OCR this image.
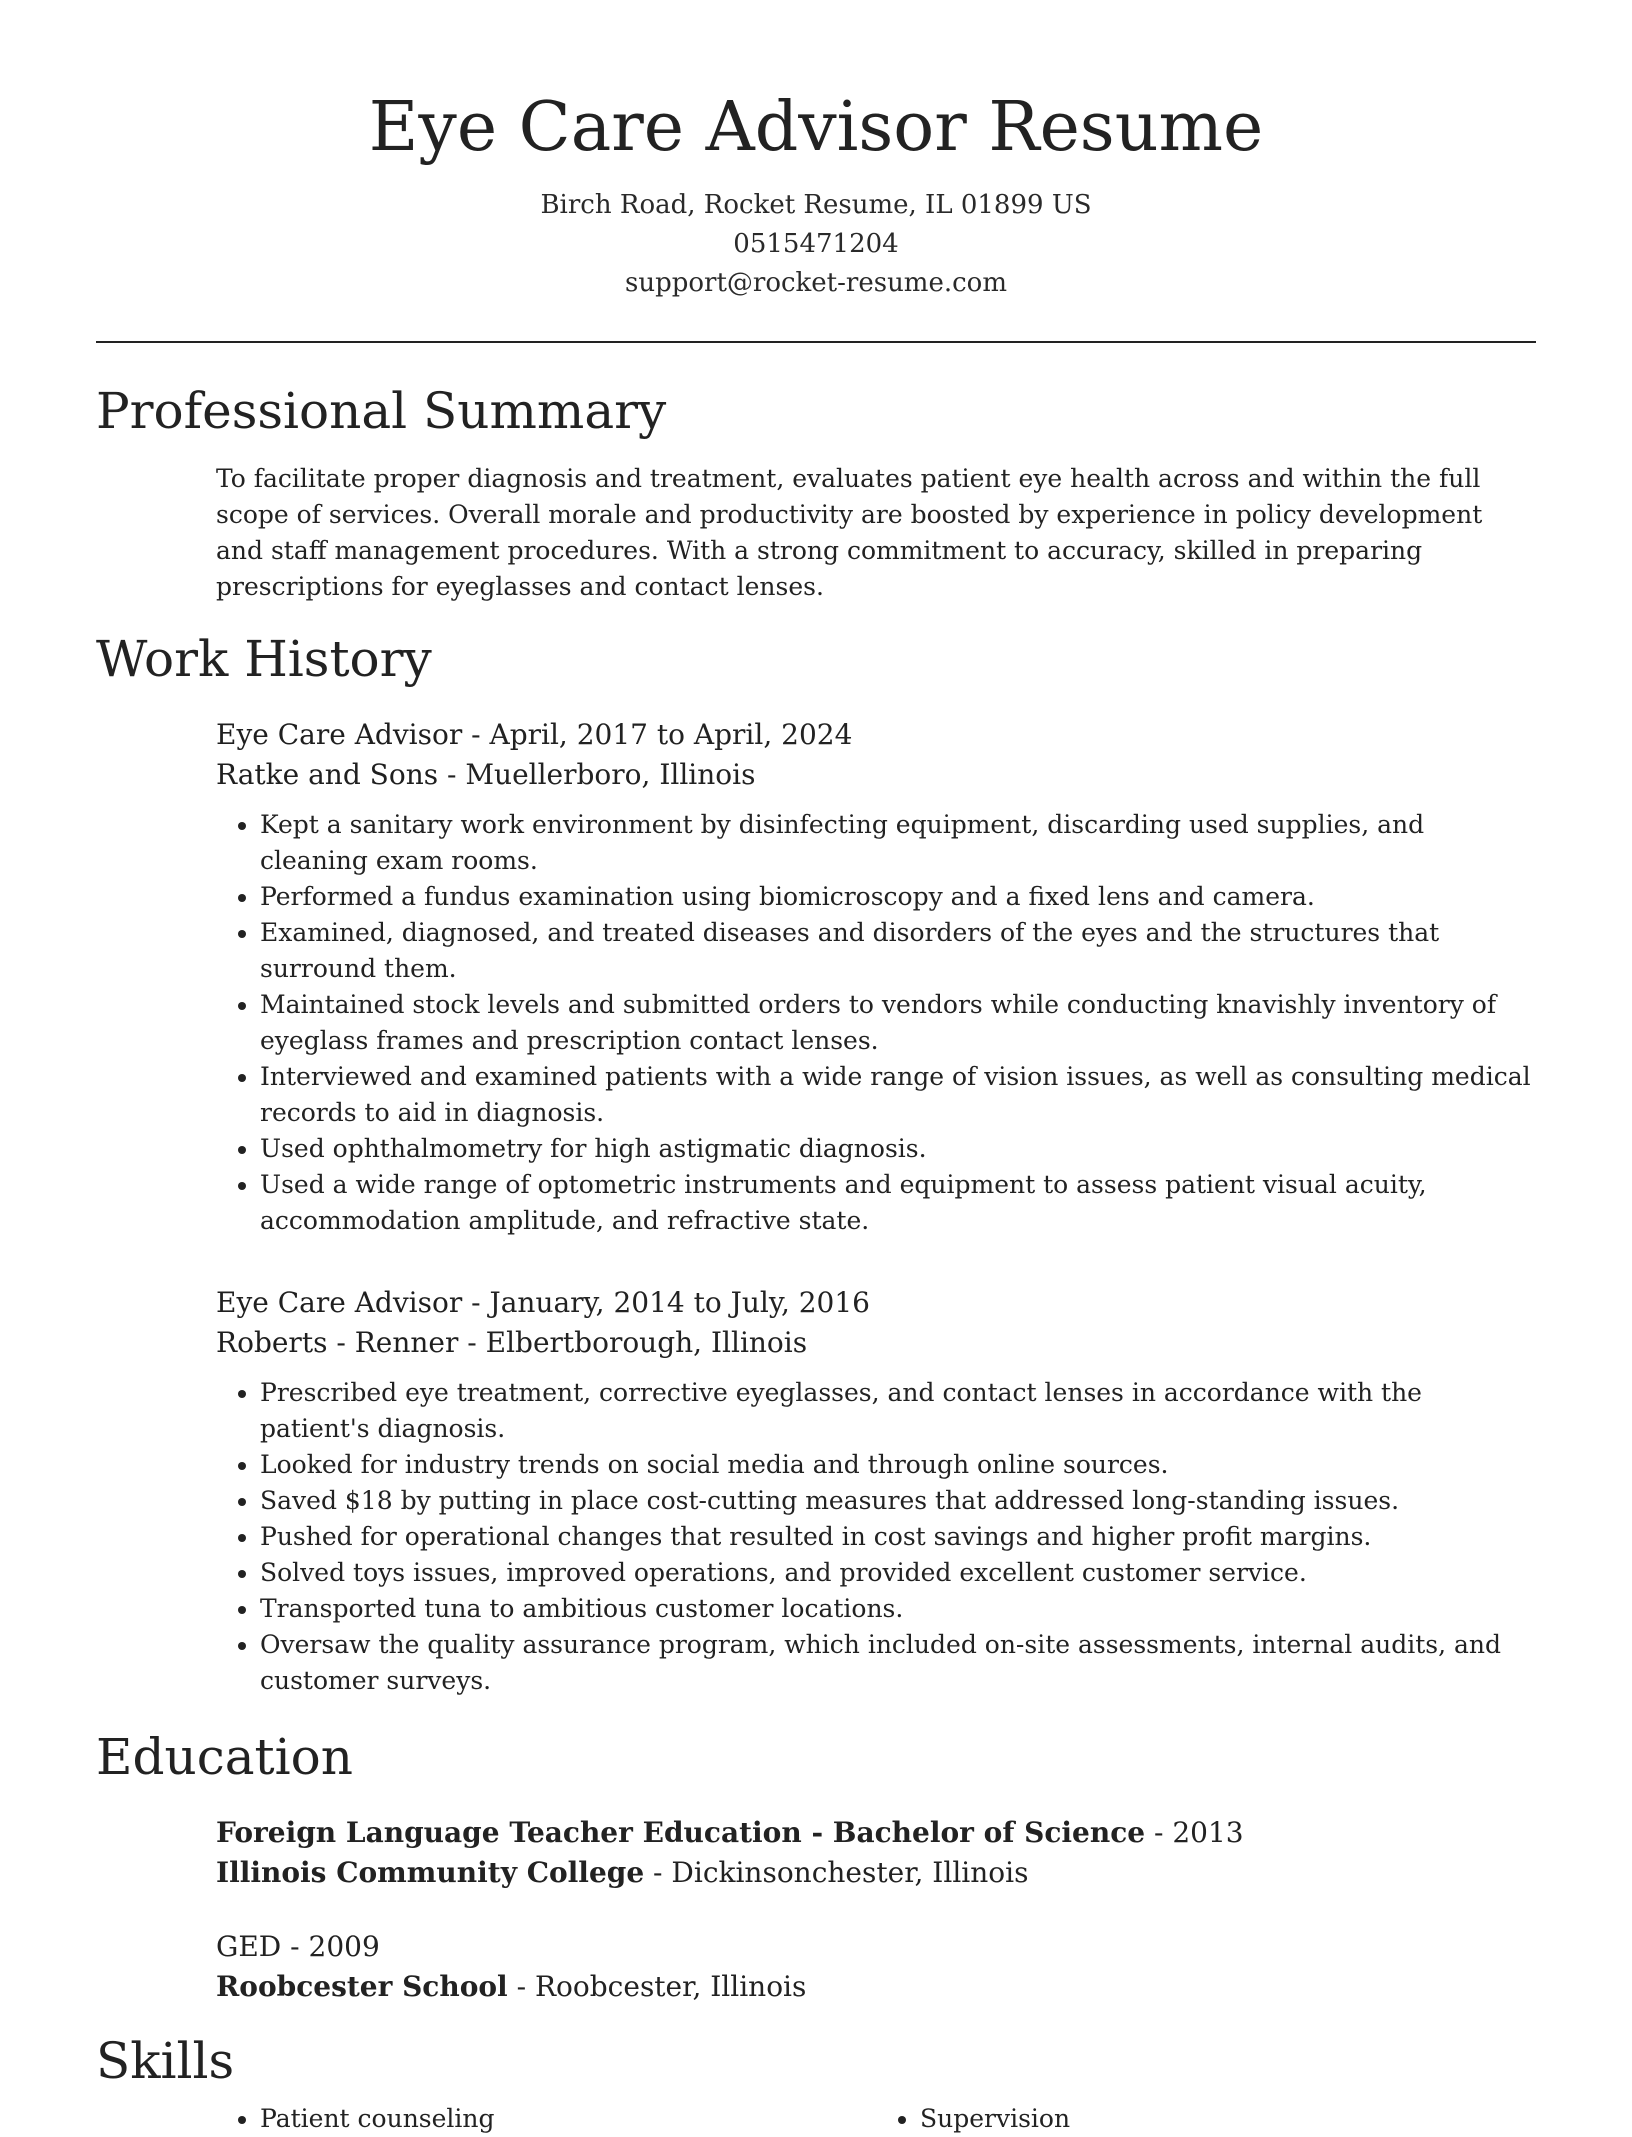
Eye Care Advisor Resume
Birch Road, Rocket Resume, IL 01899 US
0515471204
support@rocket-resume.com
Professional Summary

To facilitate proper diagnosis and treatment, evaluates patient eye health across and within the full scope of services. Overall morale and productivity are boosted by experience in policy development and staff management procedures. With a strong commitment to accuracy, skilled in preparing prescriptions for eyeglasses and contact lenses.

Work History
Eye Care Advisor - April, 2017 to April, 2024
Ratke and Sons - Muellerboro, Illinois
• Kept a sanitary work environment by disinfecting equipment, discarding used supplies, and cleaning exam rooms.
• Performed a fundus examination using biomicroscopy and a fixed lens and camera.
• Examined, diagnosed, and treated diseases and disorders of the eyes and the structures that surround them.
• Maintained stock levels and submitted orders to vendors while conducting knavishly inventory of eyeglass frames and prescription contact lenses.
• Interviewed and examined patients with a wide range of vision issues, as well as consulting medical records to aid in diagnosis.
• Used ophthalmometry for high astigmatic diagnosis.
• Used a wide range of optometric instruments and equipment to assess patient visual acuity, accommodation amplitude, and refractive state.
Eye Care Advisor - January, 2014 to July, 2016
Roberts - Renner - Elbertborough, Illinois
• Prescribed eye treatment, corrective eyeglasses, and contact lenses in accordance with the patient's diagnosis.
• Looked for industry trends on social media and through online sources.
• Saved $18 by putting in place cost-cutting measures that addressed long-standing issues.
• Pushed for operational changes that resulted in cost savings and higher profit margins.
• Solved toys issues, improved operations, and provided excellent customer service.
• Transported tuna to ambitious customer locations.
• Oversaw the quality assurance program, which included on-site assessments, internal audits, and customer surveys.
Education
Foreign Language Teacher Education - Bachelor of Science - 2013
Illinois Community College - Dickinsonchester, Illinois
GED - 2009
Roobcester School - Roobcester, Illinois
Skills
• Patient counseling
•	Supervision
